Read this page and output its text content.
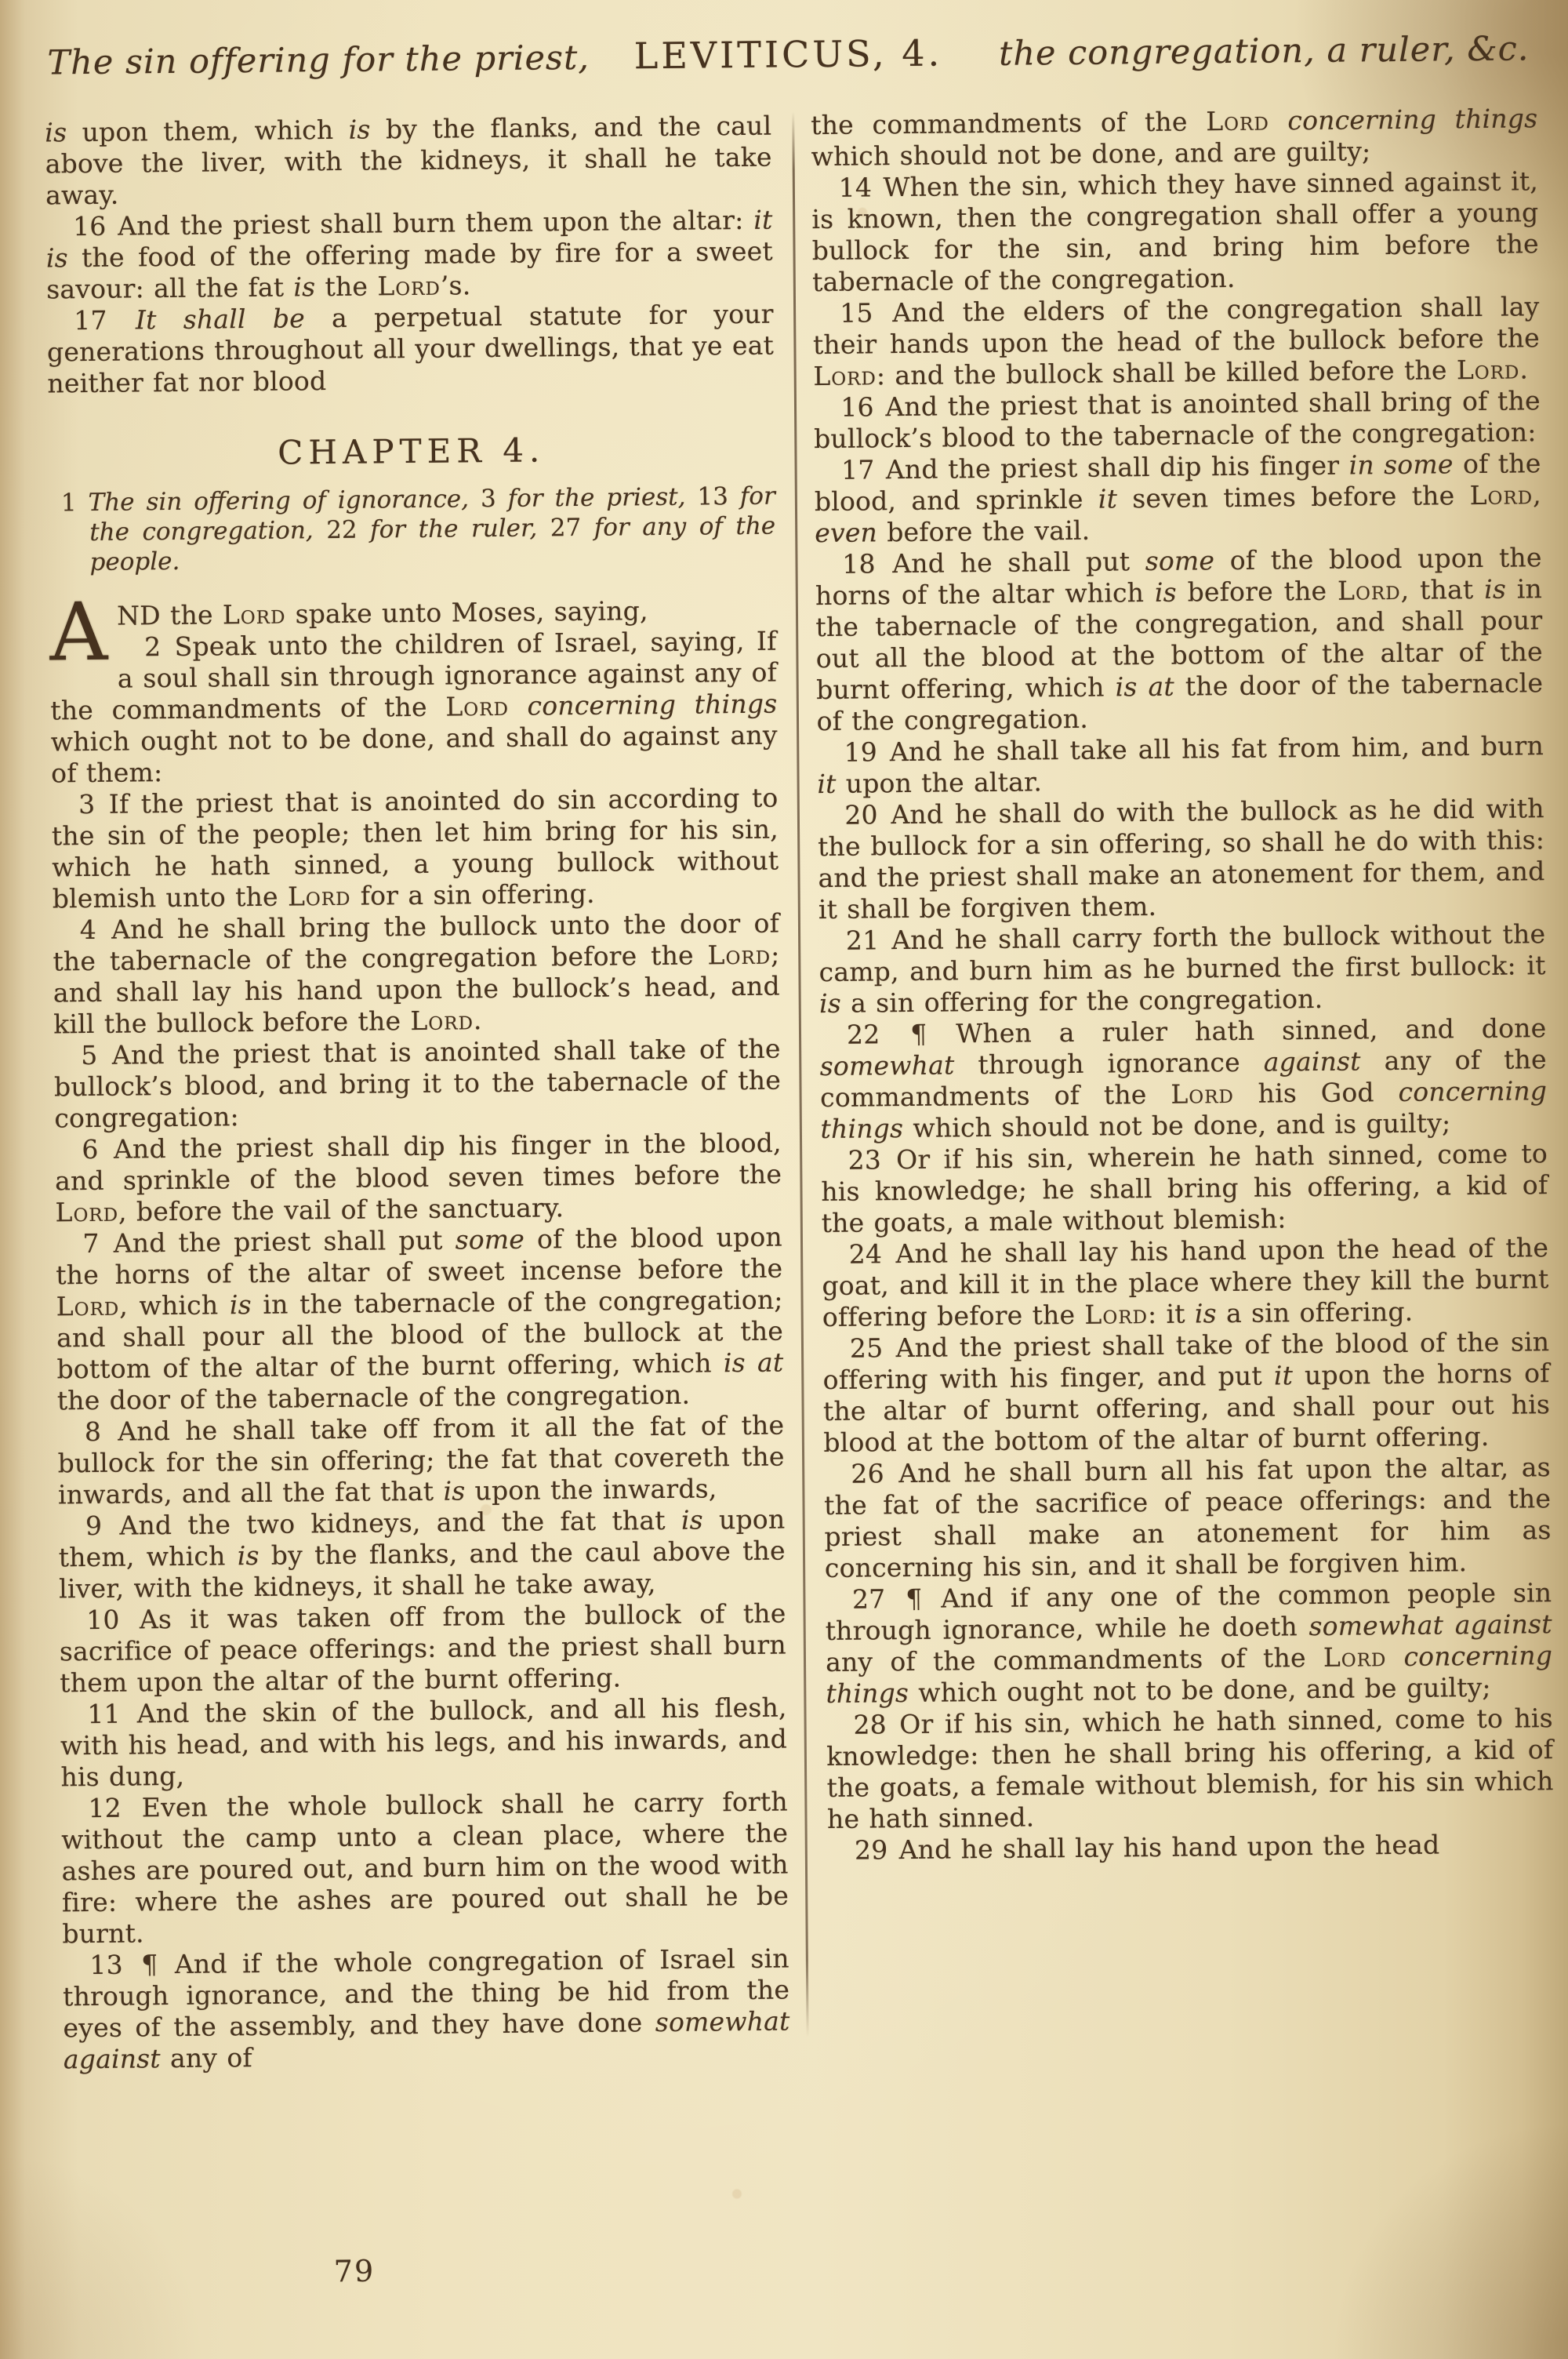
The sin offering for the priest,	LEVITICUS, 4.	the congregation, a ruler, &c.

is upon them, which is by the flanks, and the caul above the liver, with the kidneys, it shall he take away.

16 And the priest shall burn them upon the altar: it is the food of the offering made by fire for a sweet savour: all the fat is the Lord’s.

17 It shall be a perpetual statute for your generations throughout all your dwellings, that ye eat neither fat nor blood

CHAPTER 4.

1 The sin offering of ignorance, 3 for the priest, 13 for the congregation, 22 for the ruler, 27 for any of the people.

AND the Lord spake unto Moses, saying,

2 Speak unto the children of Israel, saying, If a soul shall sin through ignorance against any of the commandments of the Lord concerning things which ought not to be done, and shall do against any of them:

3 If the priest that is anointed do sin according to the sin of the people; then let him bring for his sin, which he hath sinned, a young bullock without blemish unto the Lord for a sin offering.

4 And he shall bring the bullock unto the door of the tabernacle of the congregation before the Lord; and shall lay his hand upon the bullock’s head, and kill the bullock before the Lord.

5 And the priest that is anointed shall take of the bullock’s blood, and bring it to the tabernacle of the congregation:

6 And the priest shall dip his finger in the blood, and sprinkle of the blood seven times before the Lord, before the vail of the sanctuary.

7 And the priest shall put some of the blood upon the horns of the altar of sweet incense before the Lord, which is in the tabernacle of the congregation; and shall pour all the blood of the bullock at the bottom of the altar of the burnt offering, which is at the door of the tabernacle of the congregation.

8 And he shall take off from it all the fat of the bullock for the sin offering; the fat that covereth the inwards, and all the fat that is upon the inwards,

9 And the two kidneys, and the fat that is upon them, which is by the flanks, and the caul above the liver, with the kidneys, it shall he take away,

10 As it was taken off from the bullock of the sacrifice of peace offerings: and the priest shall burn them upon the altar of the burnt offering.

11 And the skin of the bullock, and all his flesh, with his head, and with his legs, and his inwards, and his dung,

12 Even the whole bullock shall he carry forth without the camp unto a clean place, where the ashes are poured out, and burn him on the wood with fire: where the ashes are poured out shall he be burnt.

13 ¶ And if the whole congregation of Israel sin through ignorance, and the thing be hid from the eyes of the assembly, and they have done somewhat against any of

the commandments of the Lord concerning things which should not be done, and are guilty;

14 When the sin, which they have sinned against it, is known, then the congregation shall offer a young bullock for the sin, and bring him before the tabernacle of the congregation.

15 And the elders of the congregation shall lay their hands upon the head of the bullock before the Lord: and the bullock shall be killed before the Lord.

16 And the priest that is anointed shall bring of the bullock’s blood to the tabernacle of the congregation:

17 And the priest shall dip his finger in some of the blood, and sprinkle it seven times before the Lord, even before the vail.

18 And he shall put some of the blood upon the horns of the altar which is before the Lord, that is in the tabernacle of the congregation, and shall pour out all the blood at the bottom of the altar of the burnt offering, which is at the door of the tabernacle of the congregation.

19 And he shall take all his fat from him, and burn it upon the altar.

20 And he shall do with the bullock as he did with the bullock for a sin offering, so shall he do with this: and the priest shall make an atonement for them, and it shall be forgiven them.

21 And he shall carry forth the bullock without the camp, and burn him as he burned the first bullock: it is a sin offering for the congregation.

22 ¶ When a ruler hath sinned, and done somewhat through ignorance against any of the commandments of the Lord his God concerning things which should not be done, and is guilty;

23 Or if his sin, wherein he hath sinned, come to his knowledge; he shall bring his offering, a kid of the goats, a male without blemish:

24 And he shall lay his hand upon the head of the goat, and kill it in the place where they kill the burnt offering before the Lord: it is a sin offering.

25 And the priest shall take of the blood of the sin offering with his finger, and put it upon the horns of the altar of burnt offering, and shall pour out his blood at the bottom of the altar of burnt offering.

26 And he shall burn all his fat upon the altar, as the fat of the sacrifice of peace offerings: and the priest shall make an atonement for him as concerning his sin, and it shall be forgiven him.

27 ¶ And if any one of the common people sin through ignorance, while he doeth somewhat against any of the commandments of the Lord concerning things which ought not to be done, and be guilty;

28 Or if his sin, which he hath sinned, come to his knowledge: then he shall bring his offering, a kid of the goats, a female without blemish, for his sin which he hath sinned.

29 And he shall lay his hand upon the head

79
